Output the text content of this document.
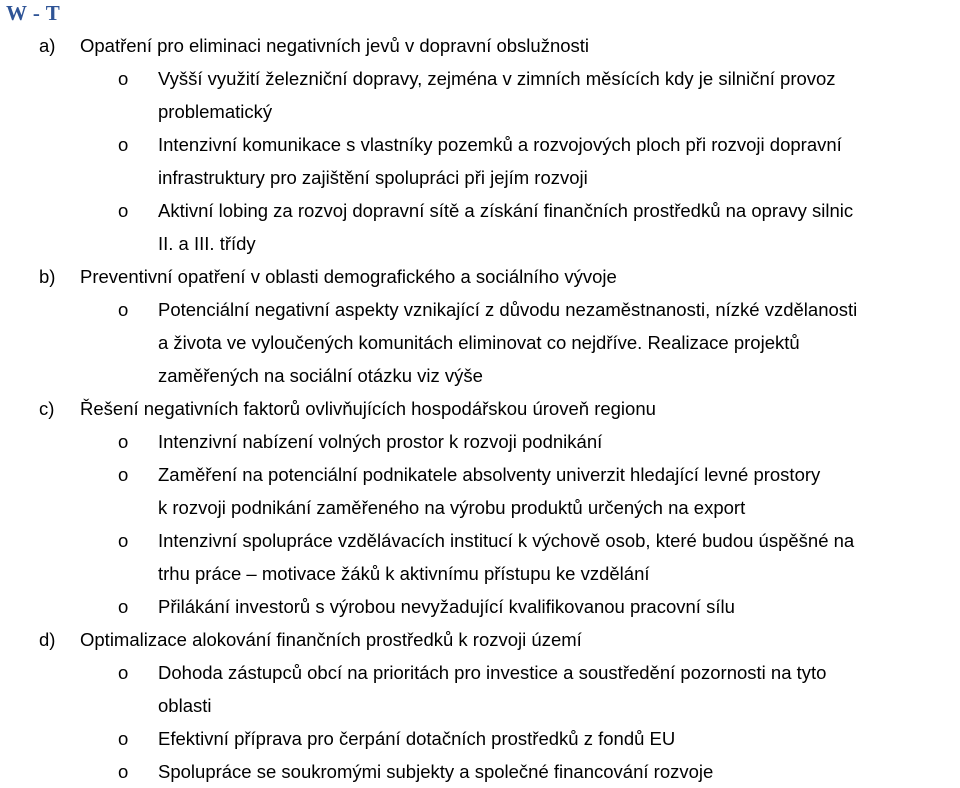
W - T
a) Opatření pro eliminaci negativních jevů v dopravní obslužnosti
o Vyšší využití železniční dopravy, zejména v zimních měsících kdy je silniční provoz
problematický
o Intenzivní komunikace s vlastníky pozemků a rozvojových ploch při rozvoji dopravní
infrastruktury pro zajištění spolupráci při jejím rozvoji
o Aktivní lobing za rozvoj dopravní sítě a získání finančních prostředků na opravy silnic
II. a III. třídy
b) Preventivní opatření v oblasti demografického a sociálního vývoje
o Potenciální negativní aspekty vznikající z důvodu nezaměstnanosti, nízké vzdělanosti
a života ve vyloučených komunitách eliminovat co nejdříve. Realizace projektů
zaměřených na sociální otázku viz výše
c) Řešení negativních faktorů ovlivňujících hospodářskou úroveň regionu
o Intenzivní nabízení volných prostor k rozvoji podnikání
o Zaměření na potenciální podnikatele absolventy univerzit hledající levné prostory
k rozvoji podnikání zaměřeného na výrobu produktů určených na export
o Intenzivní spolupráce vzdělávacích institucí k výchově osob, které budou úspěšné na
trhu práce – motivace žáků k aktivnímu přístupu ke vzdělání
o Přilákání investorů s výrobou nevyžadující kvalifikovanou pracovní sílu
d) Optimalizace alokování finančních prostředků k rozvoji území
o Dohoda zástupců obcí na prioritách pro investice a soustředění pozornosti na tyto
oblasti
o Efektivní příprava pro čerpání dotačních prostředků z fondů EU
o Spolupráce se soukromými subjekty a společné financování rozvoje
